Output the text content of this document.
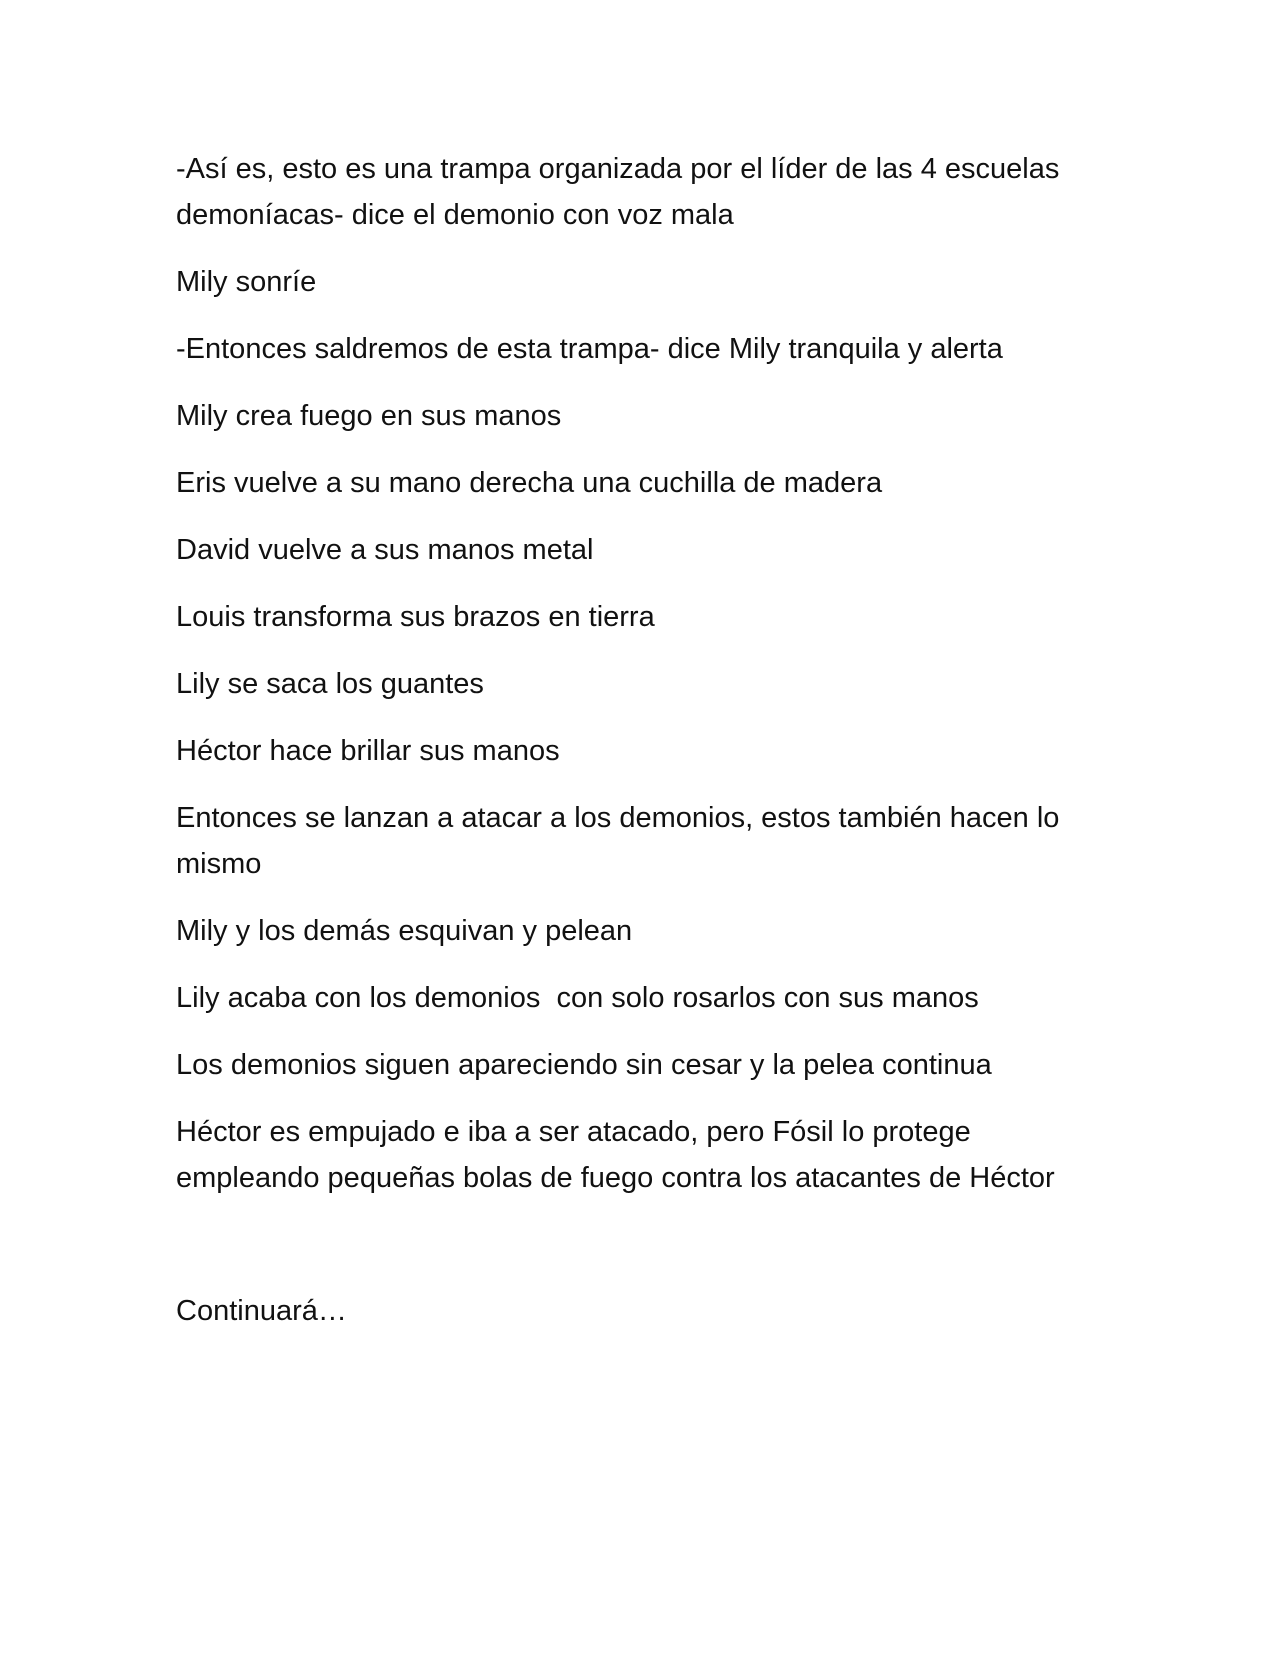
-Así es, esto es una trampa organizada por el líder de las 4 escuelas demoníacas- dice el demonio con voz mala

Mily sonríe

-Entonces saldremos de esta trampa- dice Mily tranquila y alerta

Mily crea fuego en sus manos

Eris vuelve a su mano derecha una cuchilla de madera

David vuelve a sus manos metal

Louis transforma sus brazos en tierra

Lily se saca los guantes

Héctor hace brillar sus manos

Entonces se lanzan a atacar a los demonios, estos también hacen lo mismo

Mily y los demás esquivan y pelean

Lily acaba con los demonios  con solo rosarlos con sus manos

Los demonios siguen apareciendo sin cesar y la pelea continua

Héctor es empujado e iba a ser atacado, pero Fósil lo protege empleando pequeñas bolas de fuego contra los atacantes de Héctor

Continuará…
